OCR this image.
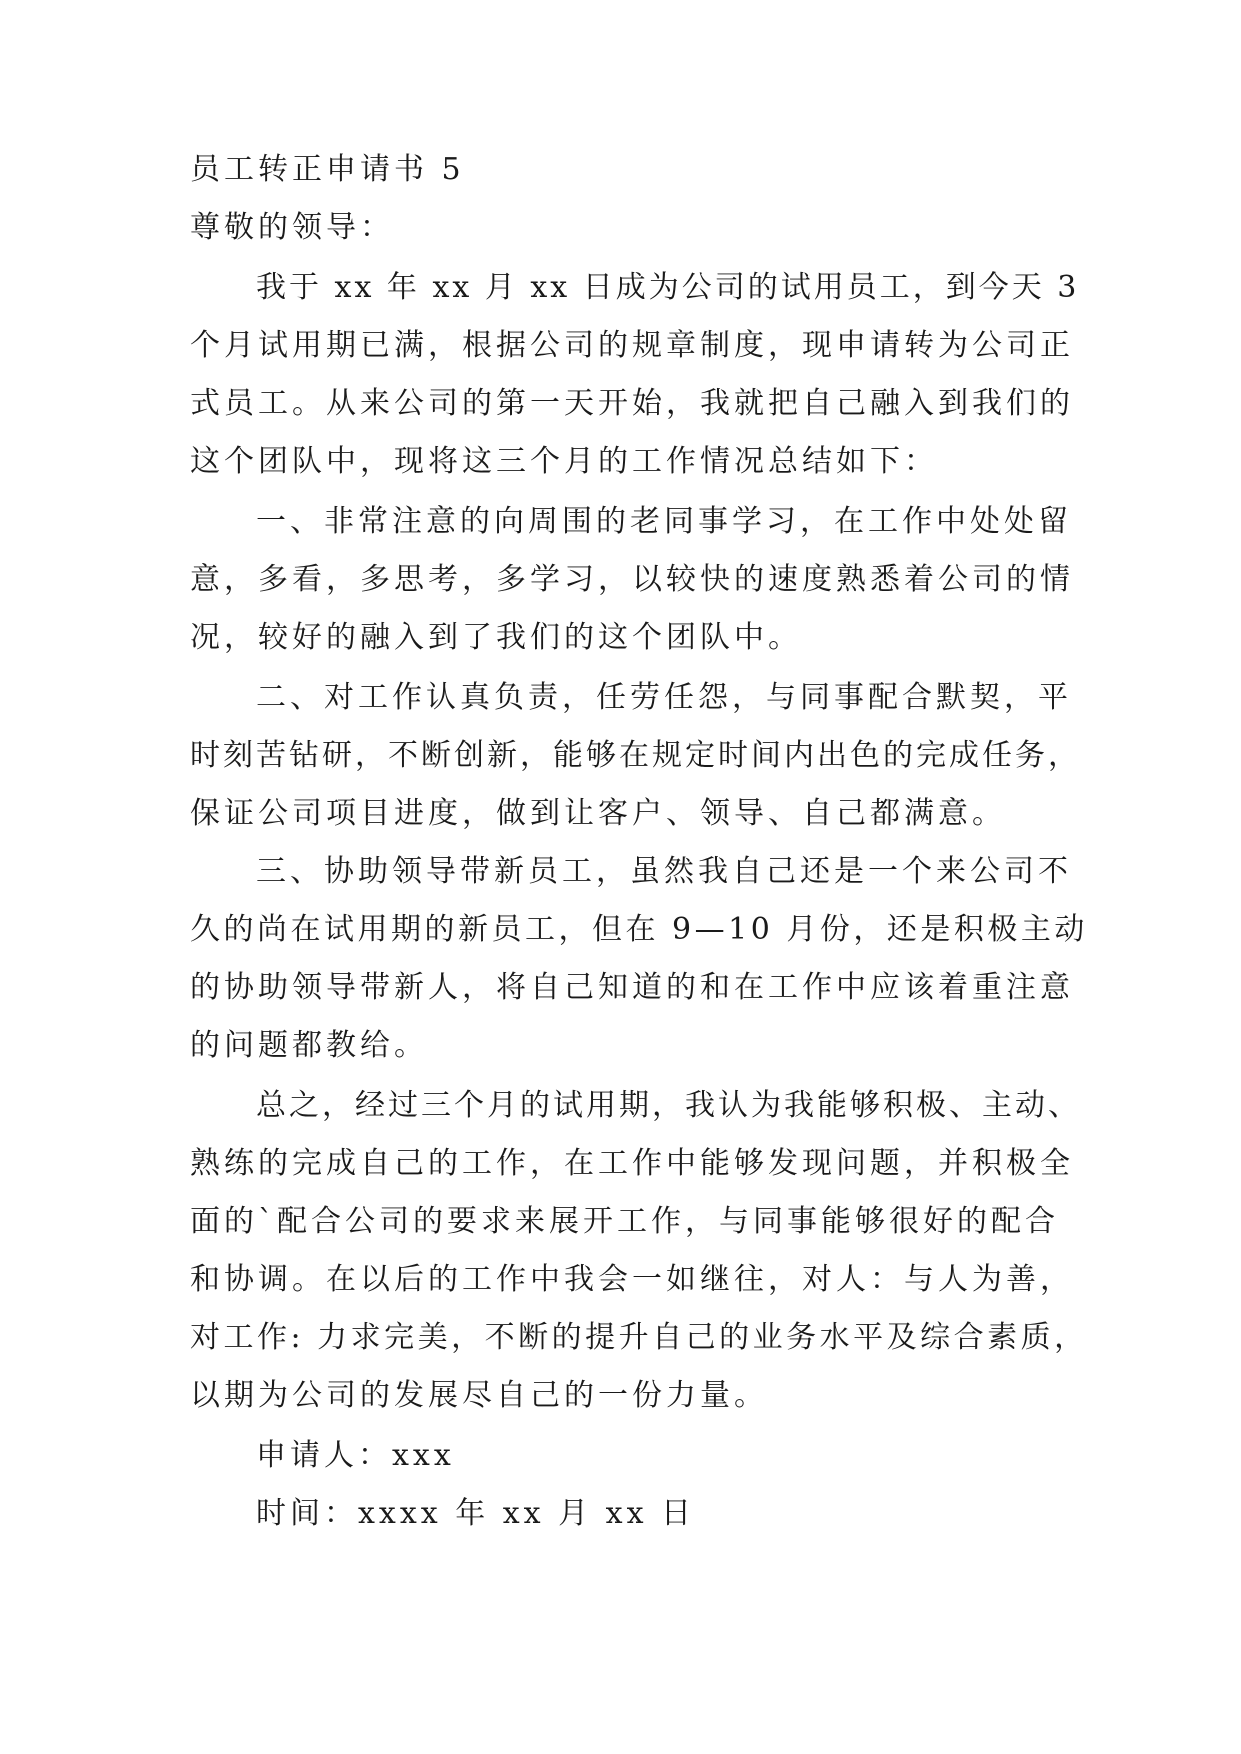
员工转正申请书 5
尊敬的领导：
我于 xx 年 xx 月 xx 日成为公司的试用员工，到今天 3
个月试用期已满，根据公司的规章制度，现申请转为公司正
式员工。从来公司的第一天开始，我就把自己融入到我们的
这个团队中，现将这三个月的工作情况总结如下：
一、非常注意的向周围的老同事学习，在工作中处处留
意，多看，多思考，多学习，以较快的速度熟悉着公司的情
况，较好的融入到了我们的这个团队中。
二、对工作认真负责，任劳任怨，与同事配合默契，平
时刻苦钻研，不断创新，能够在规定时间内出色的完成任务，
保证公司项目进度，做到让客户、领导、自己都满意。
三、协助领导带新员工，虽然我自己还是一个来公司不
久的尚在试用期的新员工，但在 9—10 月份，还是积极主动
的协助领导带新人，将自己知道的和在工作中应该着重注意
的问题都教给。
总之，经过三个月的试用期，我认为我能够积极、主动、
熟练的完成自己的工作，在工作中能够发现问题，并积极全
面的`配合公司的要求来展开工作，与同事能够很好的配合
和协调。在以后的工作中我会一如继往，对人：与人为善，
对工作: 力求完美，不断的提升自己的业务水平及综合素质，
以期为公司的发展尽自己的一份力量。
申请人：xxx
时间：xxxx 年 xx 月 xx 日
